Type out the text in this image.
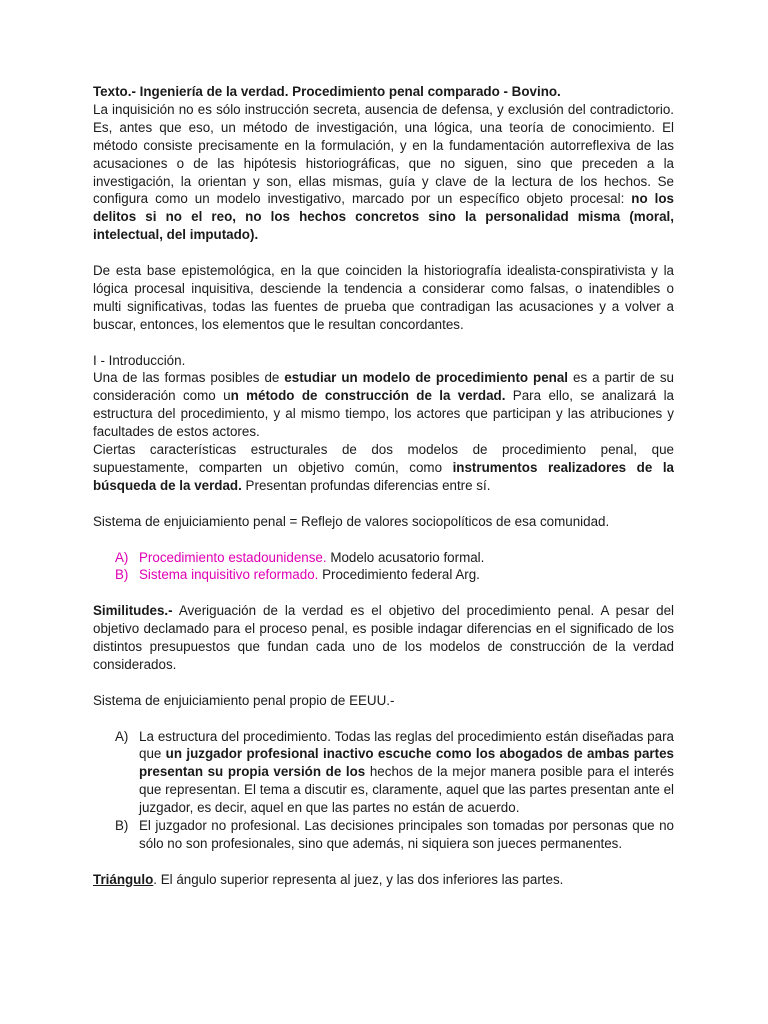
Texto.- Ingeniería de la verdad. Procedimiento penal comparado - Bovino.

La inquisición no es sólo instrucción secreta, ausencia de defensa, y exclusión del contradictorio. Es, antes que eso, un método de investigación, una lógica, una teoría de conocimiento. El método consiste precisamente en la formulación, y en la fundamentación autorreflexiva de las acusaciones o de las hipótesis historiográficas, que no siguen, sino que preceden a la investigación, la orientan y son, ellas mismas, guía y clave de la lectura de los hechos. Se configura como un modelo investigativo, marcado por un específico objeto procesal: no los delitos si no el reo, no los hechos concretos sino la personalidad misma (moral, intelectual, del imputado).

De esta base epistemológica, en la que coinciden la historiografía idealista-conspirativista y la lógica procesal inquisitiva, desciende la tendencia a considerar como falsas, o inatendibles o multi significativas, todas las fuentes de prueba que contradigan las acusaciones y a volver a buscar, entonces, los elementos que le resultan concordantes.

I - Introducción.

Una de las formas posibles de estudiar un modelo de procedimiento penal es a partir de su consideración como un método de construcción de la verdad. Para ello, se analizará la estructura del procedimiento, y al mismo tiempo, los actores que participan y las atribuciones y facultades de estos actores.

Ciertas características estructurales de dos modelos de procedimiento penal, que supuestamente, comparten un objetivo común, como instrumentos realizadores de la búsqueda de la verdad. Presentan profundas diferencias entre sí.

Sistema de enjuiciamiento penal = Reflejo de valores sociopolíticos de esa comunidad.

A) Procedimiento estadounidense. Modelo acusatorio formal.
B) Sistema inquisitivo reformado. Procedimiento federal Arg.

Similitudes.- Averiguación de la verdad es el objetivo del procedimiento penal. A pesar del objetivo declamado para el proceso penal, es posible indagar diferencias en el significado de los distintos presupuestos que fundan cada uno de los modelos de construcción de la verdad considerados.

Sistema de enjuiciamiento penal propio de EEUU.-

A) La estructura del procedimiento. Todas las reglas del procedimiento están diseñadas para que un juzgador profesional inactivo escuche como los abogados de ambas partes presentan su propia versión de los hechos de la mejor manera posible para el interés que representan. El tema a discutir es, claramente, aquel que las partes presentan ante el juzgador, es decir, aquel en que las partes no están de acuerdo.
B) El juzgador no profesional. Las decisiones principales son tomadas por personas que no sólo no son profesionales, sino que además, ni siquiera son jueces permanentes.

Triángulo. El ángulo superior representa al juez, y las dos inferiores las partes.
